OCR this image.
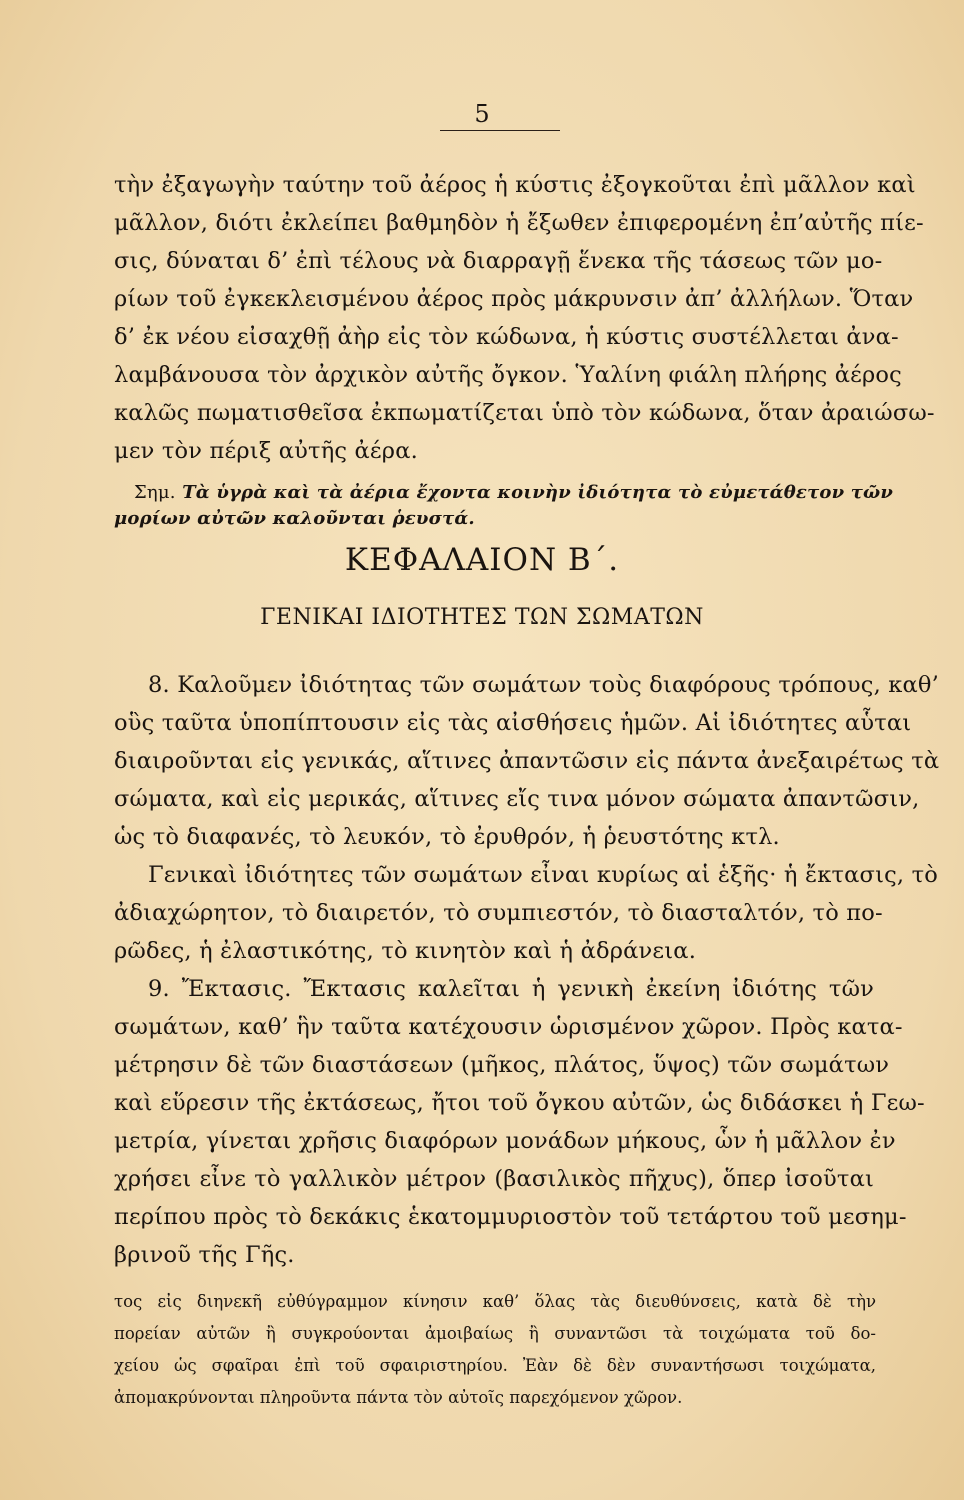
5
τὴν ἐξαγωγὴν ταύτην τοῦ ἀέρος ἡ κύστις ἐξογκοῦται ἐπὶ μᾶλλον καὶ
μᾶλλον, διότι ἐκλείπει βαθμηδὸν ἡ ἔξωθεν ἐπιφερομένη ἐπ’αὐτῆς πίε-
σις, δύναται δ’ ἐπὶ τέλους νὰ διαρραγῇ ἕνεκα τῆς τάσεως τῶν μο-
ρίων τοῦ ἐγκεκλεισμένου ἀέρος πρὸς μάκρυνσιν ἀπ’ ἀλλήλων. Ὅταν
δ’ ἐκ νέου εἰσαχθῇ ἀὴρ εἰς τὸν κώδωνα, ἡ κύστις συστέλλεται ἀνα-
λαμβάνουσα τὸν ἀρχικὸν αὐτῆς ὄγκον. Ὑαλίνη φιάλη πλήρης ἀέρος
καλῶς πωματισθεῖσα ἐκπωματίζεται ὑπὸ τὸν κώδωνα, ὅταν ἀραιώσω-
μεν τὸν πέριξ αὐτῆς ἀέρα.
Σημ. Τὰ ὑγρὰ καὶ τὰ ἀέρια ἔχοντα κοινὴν ἰδιότητα τὸ εὐμετάθετον τῶν
μορίων αὐτῶν καλοῦνται ῥευστά.
ΚΕΦΑΛΑΙΟΝ Β΄.
ΓΕΝΙΚΑΙ ΙΔΙΟΤΗΤΕΣ ΤΩΝ ΣΩΜΑΤΩΝ
8. Καλοῦμεν ἰδιότητας τῶν σωμάτων τοὺς διαφόρους τρόπους, καθ’
οὓς ταῦτα ὑποπίπτουσιν εἰς τὰς αἰσθήσεις ἡμῶν. Αἱ ἰδιότητες αὗται
διαιροῦνται εἰς γενικάς, αἵτινες ἀπαντῶσιν εἰς πάντα ἀνεξαιρέτως τὰ
σώματα, καὶ εἰς μερικάς, αἵτινες εἴς τινα μόνον σώματα ἀπαντῶσιν,
ὡς τὸ διαφανές, τὸ λευκόν, τὸ ἐρυθρόν, ἡ ῥευστότης κτλ.
Γενικαὶ ἰδιότητες τῶν σωμάτων εἶναι κυρίως αἱ ἑξῆς· ἡ ἔκτασις, τὸ
ἀδιαχώρητον, τὸ διαιρετόν, τὸ συμπιεστόν, τὸ διασταλτόν, τὸ πο-
ρῶδες, ἡ ἐλαστικότης, τὸ κινητὸν καὶ ἡ ἀδράνεια.
9. Ἔκτασις. Ἔκτασις καλεῖται ἡ γενικὴ ἐκείνη ἰδιότης τῶν
σωμάτων, καθ’ ἣν ταῦτα κατέχουσιν ὡρισμένον χῶρον. Πρὸς κατα-
μέτρησιν δὲ τῶν διαστάσεων (μῆκος, πλάτος, ὕψος) τῶν σωμάτων
καὶ εὕρεσιν τῆς ἐκτάσεως, ἤτοι τοῦ ὄγκου αὐτῶν, ὡς διδάσκει ἡ Γεω-
μετρία, γίνεται χρῆσις διαφόρων μονάδων μήκους, ὧν ἡ μᾶλλον ἐν
χρήσει εἶνε τὸ γαλλικὸν μέτρον (βασιλικὸς πῆχυς), ὅπερ ἰσοῦται
περίπου πρὸς τὸ δεκάκις ἑκατομμυριοστὸν τοῦ τετάρτου τοῦ μεσημ-
βρινοῦ τῆς Γῆς.
τος εἰς διηνεκῆ εὐθύγραμμον κίνησιν καθ’ ὅλας τὰς διευθύνσεις, κατὰ δὲ τὴν
πορείαν αὐτῶν ἢ συγκρούονται ἀμοιβαίως ἢ συναντῶσι τὰ τοιχώματα τοῦ δο-
χείου ὡς σφαῖραι ἐπὶ τοῦ σφαιριστηρίου. Ἐὰν δὲ δὲν συναντήσωσι τοιχώματα,
ἀπομακρύνονται πληροῦντα πάντα τὸν αὐτοῖς παρεχόμενον χῶρον.
